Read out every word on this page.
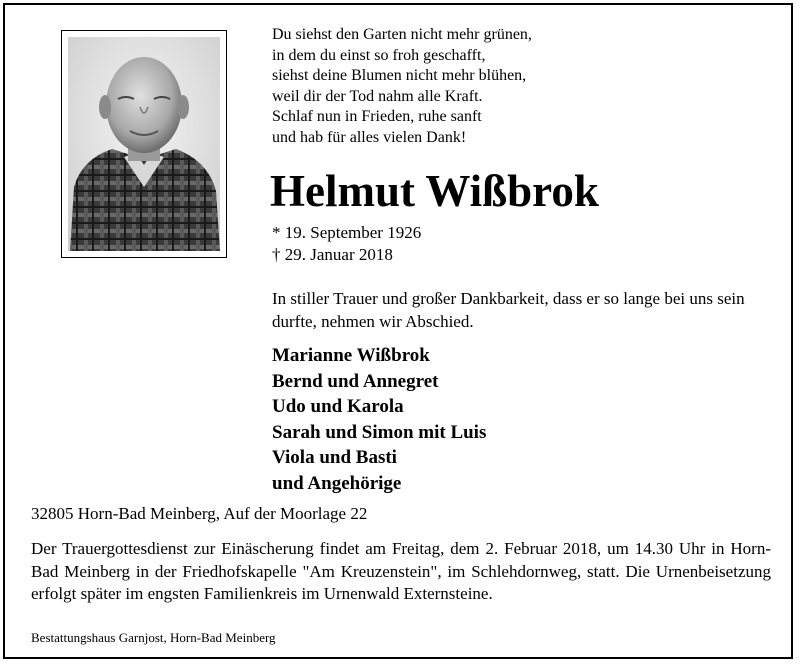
Du siehst den Garten nicht mehr grünen,
in dem du einst so froh geschafft,
siehst deine Blumen nicht mehr blühen,
weil dir der Tod nahm alle Kraft.
Schlaf nun in Frieden, ruhe sanft
und hab für alles vielen Dank!
Helmut Wißbrok
* 19. September 1926
† 29. Januar 2018
In stiller Trauer und großer Dankbarkeit, dass er so lange bei uns sein durfte, nehmen wir Abschied.
Marianne Wißbrok
Bernd und Annegret
Udo und Karola
Sarah und Simon mit Luis
Viola und Basti
und Angehörige
32805 Horn-Bad Meinberg, Auf der Moorlage 22
Der Trauergottesdienst zur Einäscherung findet am Freitag, dem 2. Februar 2018, um 14.30 Uhr in Horn-Bad Meinberg in der Friedhofskapelle "Am Kreuzenstein", im Schlehdornweg, statt. Die Urnenbeisetzung erfolgt später im engsten Familienkreis im Urnenwald Externsteine.
Bestattungshaus Garnjost, Horn-Bad Meinberg
